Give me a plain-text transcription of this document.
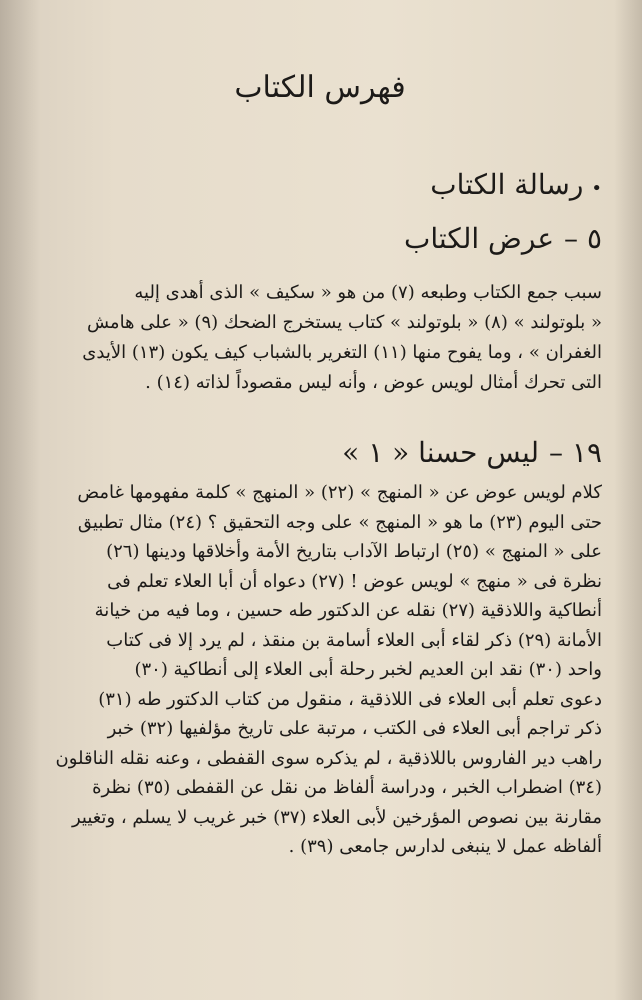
فهرس الكتاب
•رسالة الكتاب
٥ –عرض الكتاب
سبب جمع الكتاب وطبعه (٧) من هو « سكيف » الذى أهدى إليه
« بلوتولند » (٨) « بلوتولند » كتاب يستخرج الضحك (٩) « على هامش
الغفران » ، وما يفوح منها (١١) التغرير بالشباب كيف يكون (١٣) الأيدى
التى تحرك أمثال لويس عوض ، وأنه ليس مقصوداً لذاته (١٤) .
١٩ –ليس حسنا « ١ »
كلام لويس عوض عن « المنهج » (٢٢) « المنهج » كلمة مفهومها غامض
حتى اليوم (٢٣) ما هو « المنهج » على وجه التحقيق ؟ (٢٤) مثال تطبيق
على « المنهج » (٢٥) ارتباط الآداب بتاريخ الأمة وأخلاقها ودينها (٢٦)
نظرة فى « منهج » لويس عوض ! (٢٧) دعواه أن أبا العلاء تعلم فى
أنطاكية واللاذقية (٢٧) نقله عن الدكتور طه حسين ، وما فيه من خيانة
الأمانة (٢٩) ذكر لقاء أبى العلاء أسامة بن منقذ ، لم يرد إلا فى كتاب
واحد (٣٠) نقد ابن العديم لخبر رحلة أبى العلاء إلى أنطاكية (٣٠)
دعوى تعلم أبى العلاء فى اللاذقية ، منقول من كتاب الدكتور طه (٣١)
ذكر تراجم أبى العلاء فى الكتب ، مرتبة على تاريخ مؤلفيها (٣٢) خبر
راهب دير الفاروس باللاذقية ، لم يذكره سوى القفطى ، وعنه نقله الناقلون
(٣٤) اضطراب الخبر ، ودراسة ألفاظ من نقل عن القفطى (٣٥) نظرة
مقارنة بين نصوص المؤرخين لأبى العلاء (٣٧) خبر غريب لا يسلم ، وتغيير
ألفاظه عمل لا ينبغى لدارس جامعى (٣٩) .
